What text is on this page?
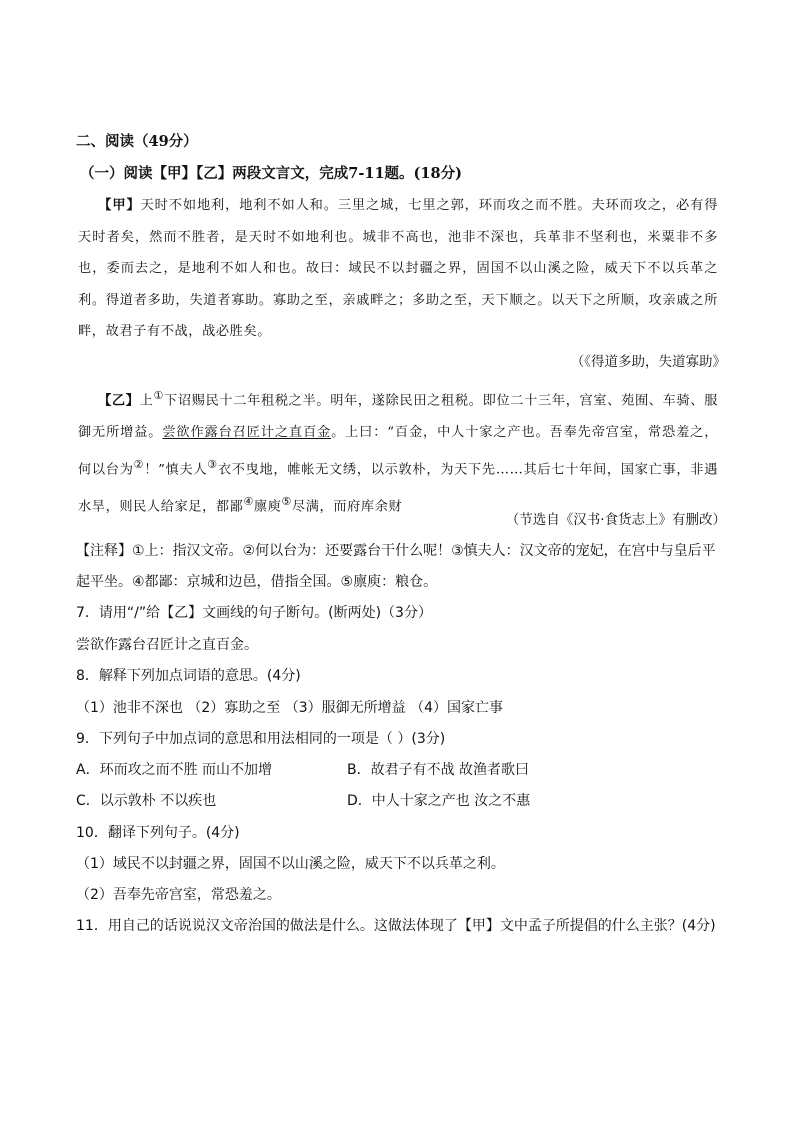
二、阅读（49分）
（一）阅读【甲】【乙】两段文言文，完成7-11题。(18分)
【甲】天时不如地利，地利不如人和。三里之城，七里之郭，环而攻之而不胜。夫环而攻之，必有得天时者矣，然而不胜者，是天时不如地利也。城非不高也，池非不深也，兵革非不坚利也，米粟非不多也，委而去之，是地利不如人和也。故曰：域民不以封疆之界，固国不以山溪之险，威天下不以兵革之利。得道者多助，失道者寡助。寡助之至，亲戚畔之；多助之至，天下顺之。以天下之所顺，攻亲戚之所畔，故君子有不战，战必胜矣。
（《得道多助，失道寡助》
【乙】上①下诏赐民十二年租税之半。明年，遂除民田之租税。即位二十三年，宫室、苑囿、车骑、服御无所增益。尝欲作露台召匠计之直百金。上曰：“百金，中人十家之产也。吾奉先帝宫室，常恐羞之，何以台为②！”慎夫人③衣不曳地，帷帐无文绣，以示敦朴，为天下先……其后七十年间，国家亡事，非遇水旱，则民人给家足，都鄙④廪庾⑤尽满，而府库余财
（节选自《汉书·食货志上》有删改）
【注释】①上：指汉文帝。②何以台为：还要露台干什么呢！③慎夫人：汉文帝的宠妃，在宫中与皇后平起平坐。④都鄙：京城和边邑，借指全国。⑤廪庾：粮仓。
7．请用“/”给【乙】文画线的句子断句。(断两处)（3分）
尝欲作露台召匠计之直百金。
8．解释下列加点词语的意思。(4分)
（1）池非不深也 （2）寡助之至 （3）服御无所增益 （4）国家亡事
9．下列句子中加点词的意思和用法相同的一项是（ ）(3分)
A．环而攻之而不胜 而山不加增	B．故君子有不战 故渔者歌曰
C．以示敦朴 不以疾也	D．中人十家之产也 汝之不惠
10．翻译下列句子。(4分)
（1）域民不以封疆之界，固国不以山溪之险，威天下不以兵革之利。
（2）吾奉先帝宫室，常恐羞之。
11．用自己的话说说汉文帝治国的做法是什么。这做法体现了【甲】文中孟子所提倡的什么主张？(4分)
